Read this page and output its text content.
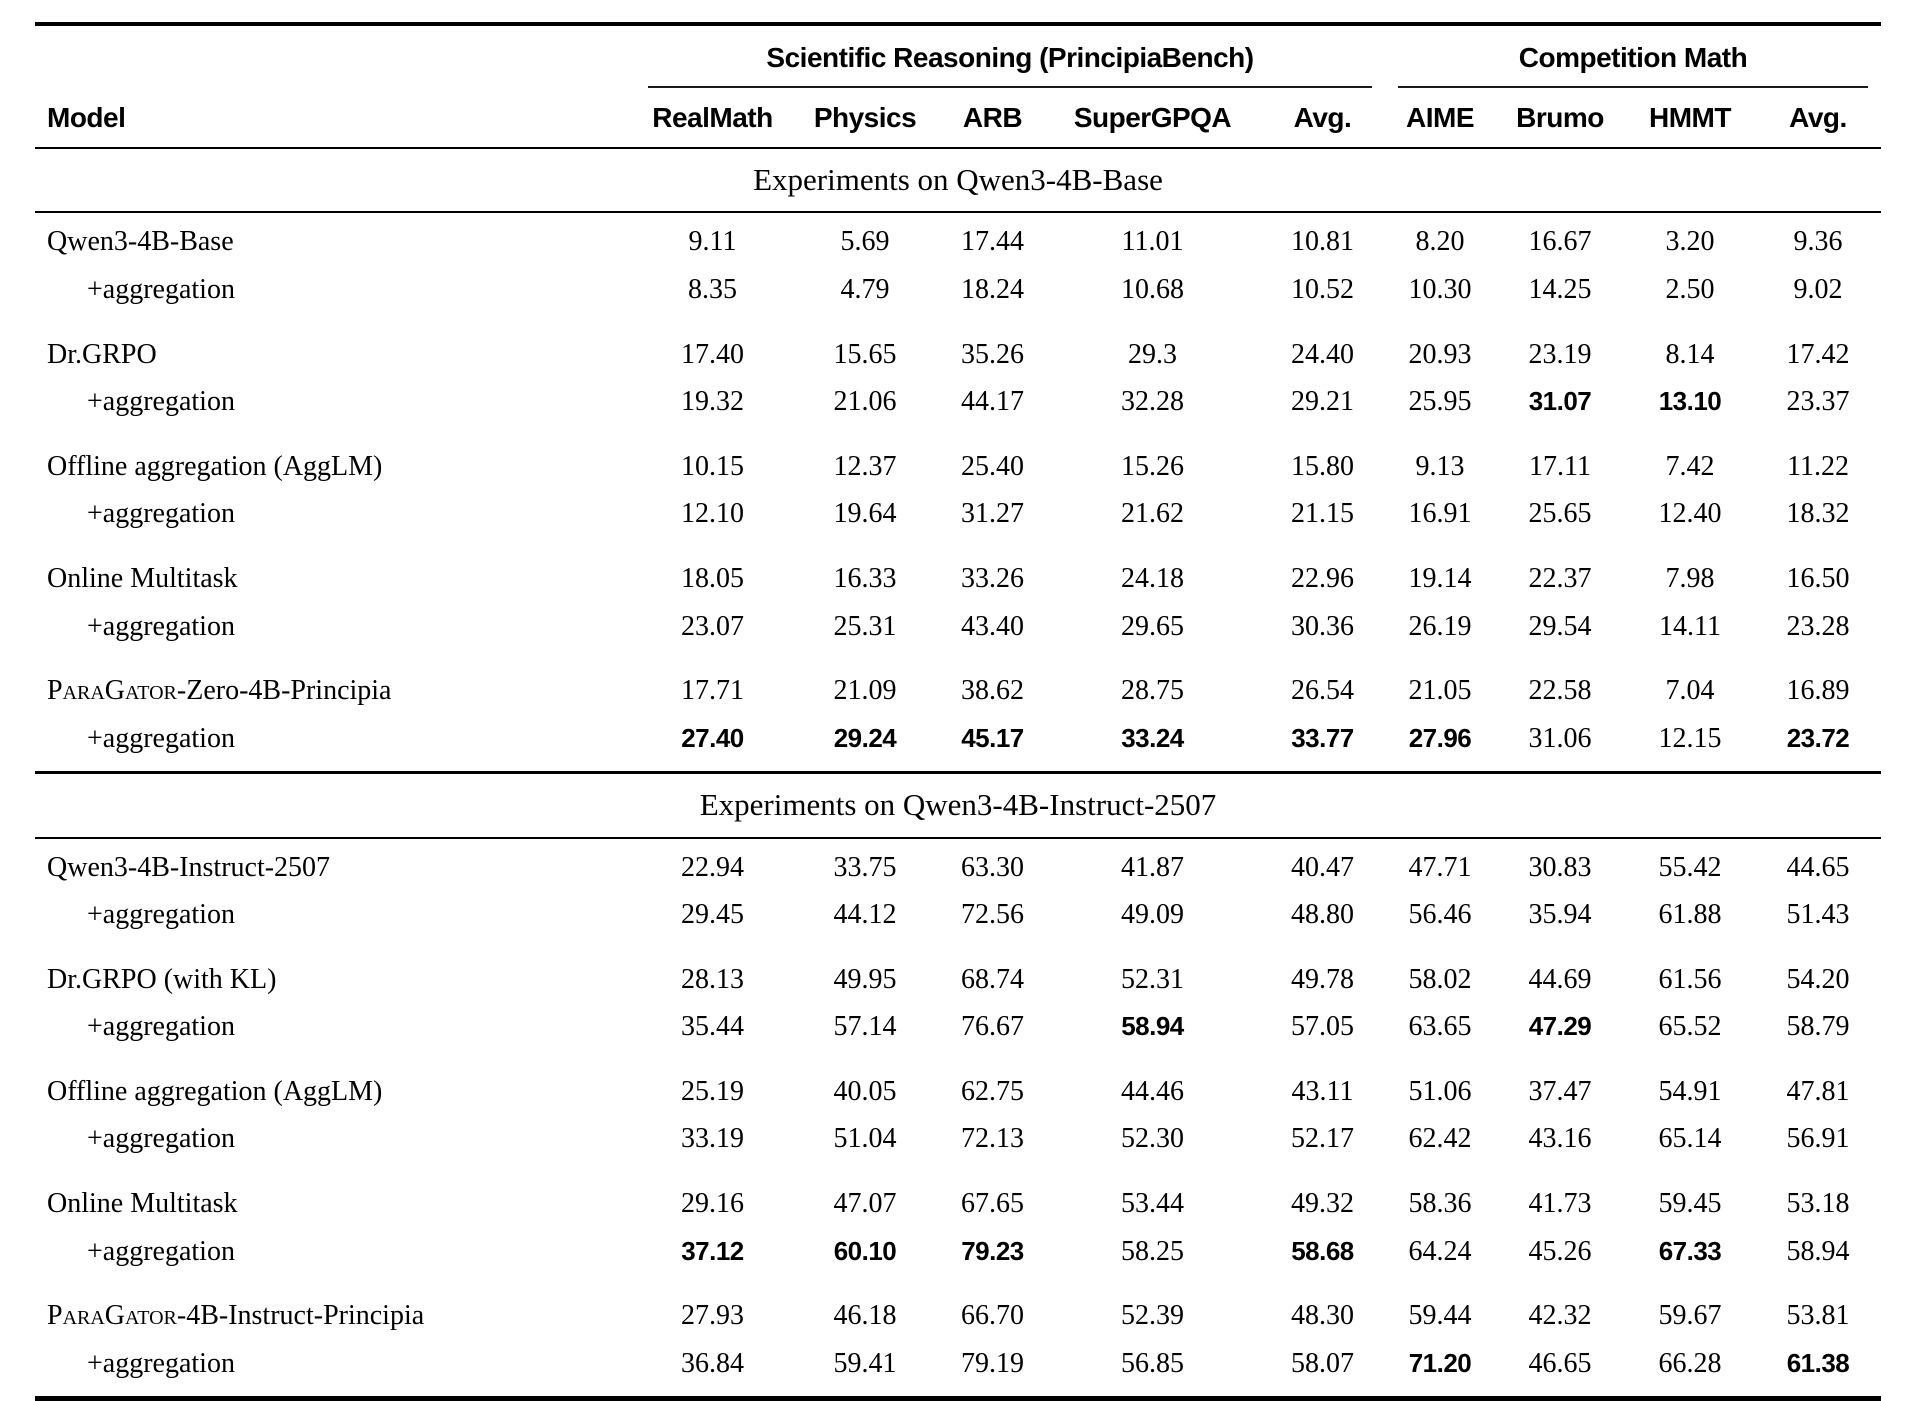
	Scientific Reasoning (PrincipiaBench)					Competition Math			

Model	RealMath	Physics	ARB	SuperGPQA	Avg.	AIME	Brumo	HMMT	Avg.
Experiments on Qwen3-4B-Base									
Qwen3-4B-Base	9.11	5.69	17.44	11.01	10.81	8.20	16.67	3.20	9.36
+aggregation	8.35	4.79	18.24	10.68	10.52	10.30	14.25	2.50	9.02
Dr.GRPO	17.40	15.65	35.26	29.3	24.40	20.93	23.19	8.14	17.42
+aggregation	19.32	21.06	44.17	32.28	29.21	25.95	31.07	13.10	23.37
Offline aggregation (AggLM)	10.15	12.37	25.40	15.26	15.80	9.13	17.11	7.42	11.22
+aggregation	12.10	19.64	31.27	21.62	21.15	16.91	25.65	12.40	18.32
Online Multitask	18.05	16.33	33.26	24.18	22.96	19.14	22.37	7.98	16.50
+aggregation	23.07	25.31	43.40	29.65	30.36	26.19	29.54	14.11	23.28
ParaGator-Zero-4B-Principia	17.71	21.09	38.62	28.75	26.54	21.05	22.58	7.04	16.89
+aggregation	27.40	29.24	45.17	33.24	33.77	27.96	31.06	12.15	23.72
Experiments on Qwen3-4B-Instruct-2507									
Qwen3-4B-Instruct-2507	22.94	33.75	63.30	41.87	40.47	47.71	30.83	55.42	44.65
+aggregation	29.45	44.12	72.56	49.09	48.80	56.46	35.94	61.88	51.43
Dr.GRPO (with KL)	28.13	49.95	68.74	52.31	49.78	58.02	44.69	61.56	54.20
+aggregation	35.44	57.14	76.67	58.94	57.05	63.65	47.29	65.52	58.79
Offline aggregation (AggLM)	25.19	40.05	62.75	44.46	43.11	51.06	37.47	54.91	47.81
+aggregation	33.19	51.04	72.13	52.30	52.17	62.42	43.16	65.14	56.91
Online Multitask	29.16	47.07	67.65	53.44	49.32	58.36	41.73	59.45	53.18
+aggregation	37.12	60.10	79.23	58.25	58.68	64.24	45.26	67.33	58.94
ParaGator-4B-Instruct-Principia	27.93	46.18	66.70	52.39	48.30	59.44	42.32	59.67	53.81
+aggregation	36.84	59.41	79.19	56.85	58.07	71.20	46.65	66.28	61.38
